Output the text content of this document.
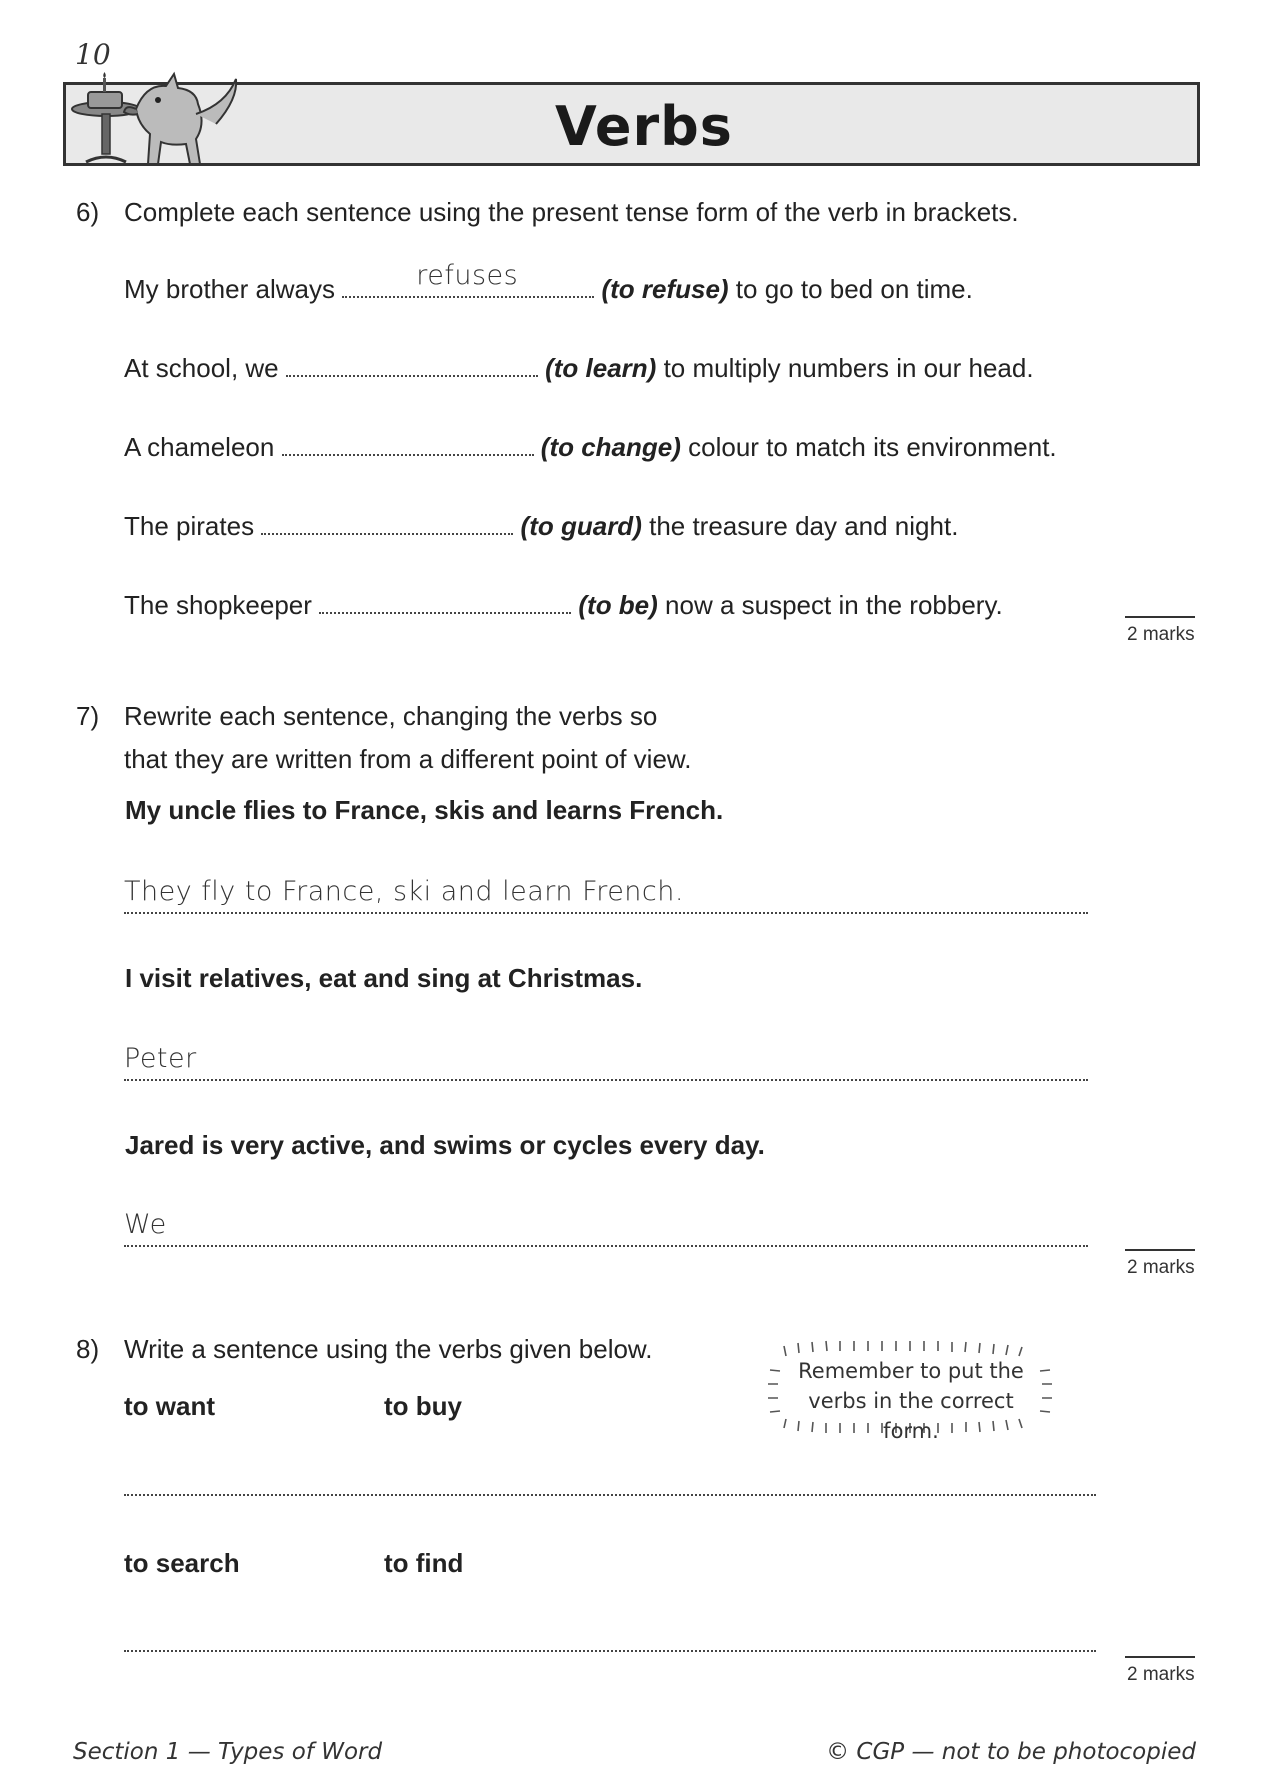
10
Verbs
6) Complete each sentence using the present tense form of the verb in brackets.
My brother always	refuses	(to refuse) to go to bed on time.
At school, we	(to learn) to multiply numbers in our head.
A chameleon	(to change) colour to match its environment.
The pirates	(to guard) the treasure day and night.
The shopkeeper	(to be) now a suspect in the robbery.
2 marks
7) Rewrite each sentence, changing the verbs so
that they are written from a different point of view.
My uncle flies to France, skis and learns French.
They fly to France, ski and learn French.
I visit relatives, eat and sing at Christmas.
Peter
Jared is very active, and swims or cycles every day.
We
2 marks
8) Write a sentence using the verbs given below.
Remember to put the
verbs in the correct form.
to want	to buy
to search	to find
2 marks
Section 1 — Types of Word	© CGP — not to be photocopied
